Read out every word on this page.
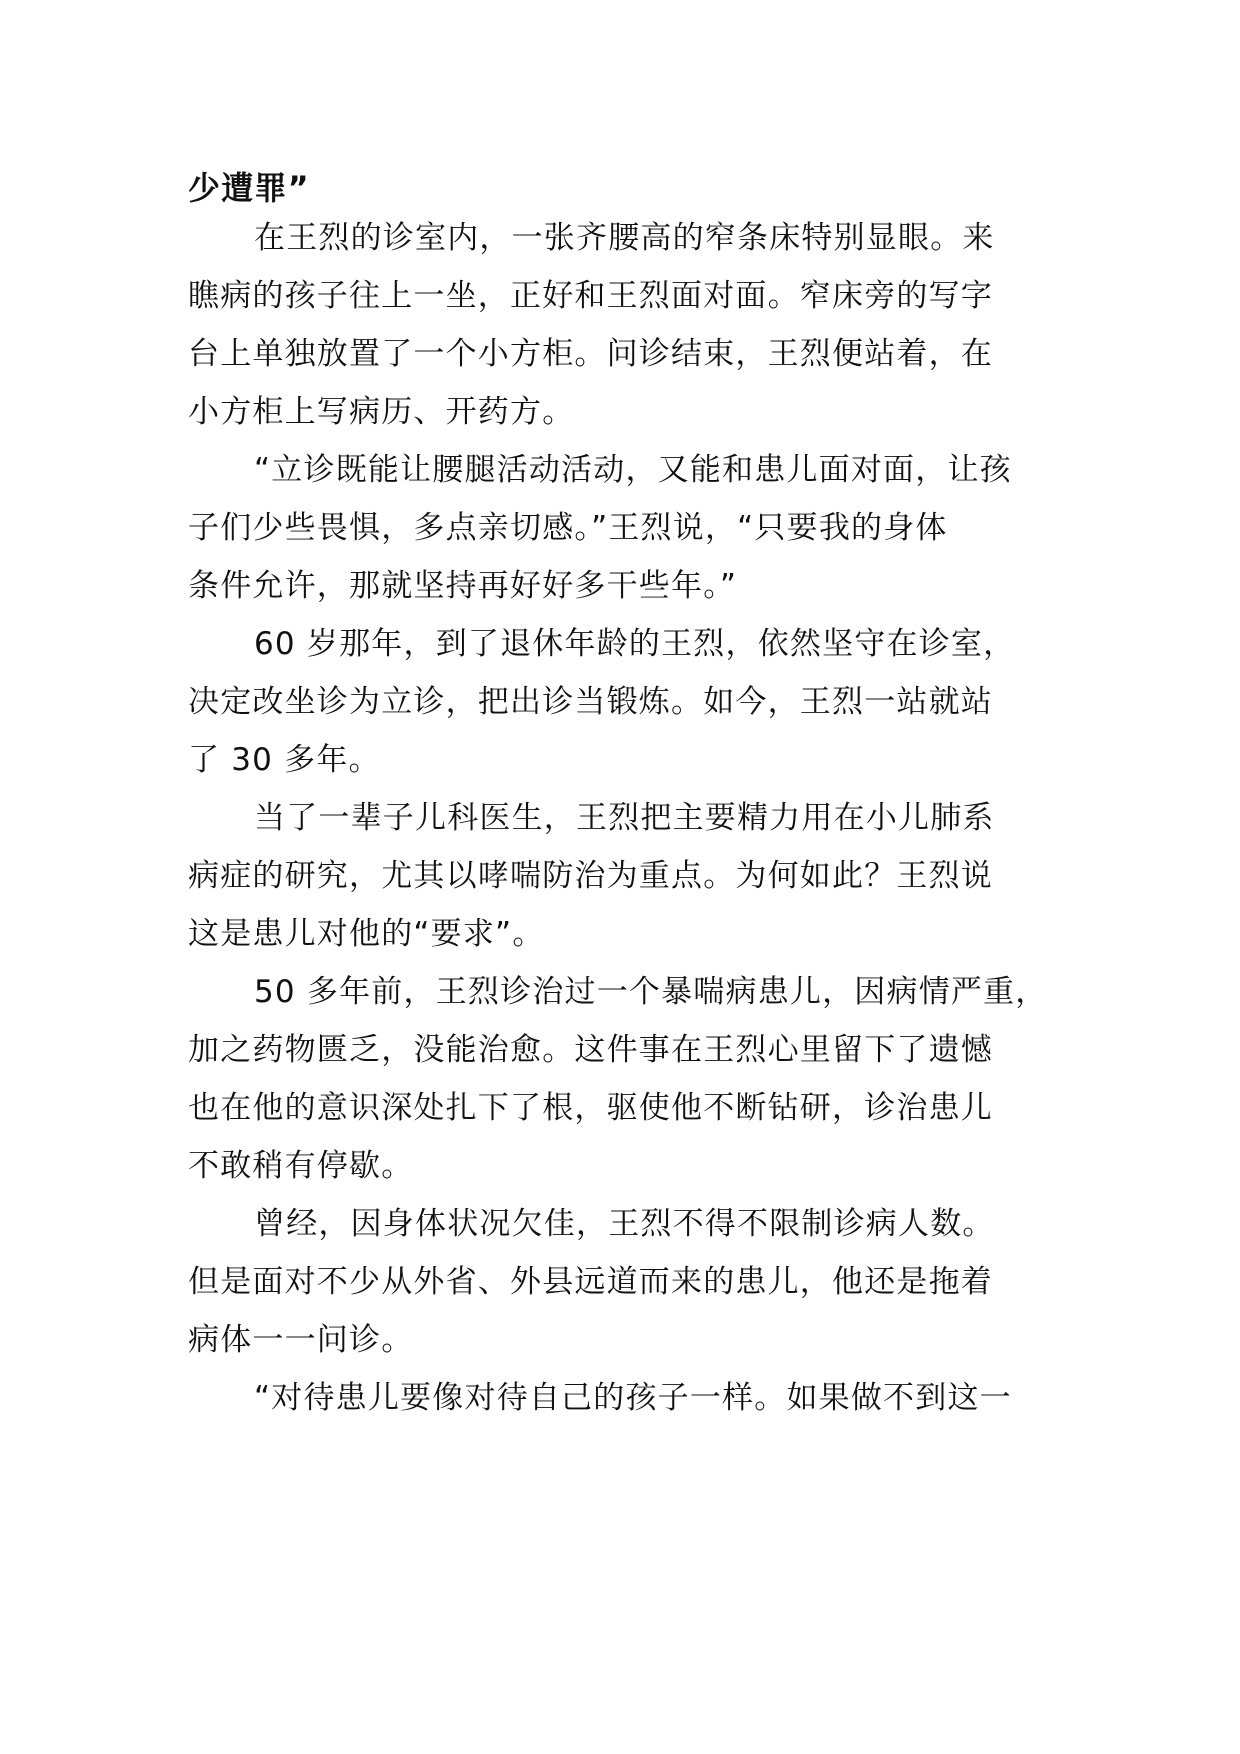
少遭罪”
在王烈的诊室内，一张齐腰高的窄条床特别显眼。来
瞧病的孩子往上一坐，正好和王烈面对面。窄床旁的写字
台上单独放置了一个小方柜。问诊结束，王烈便站着，在
小方柜上写病历、开药方。
“立诊既能让腰腿活动活动，又能和患儿面对面，让孩
子们少些畏惧，多点亲切感。”王烈说，“只要我的身体
条件允许，那就坚持再好好多干些年。”
60 岁那年，到了退休年龄的王烈，依然坚守在诊室，
决定改坐诊为立诊，把出诊当锻炼。如今，王烈一站就站
了 30 多年。
当了一辈子儿科医生，王烈把主要精力用在小儿肺系
病症的研究，尤其以哮喘防治为重点。为何如此？王烈说
这是患儿对他的“要求”。
50 多年前，王烈诊治过一个暴喘病患儿，因病情严重，
加之药物匮乏，没能治愈。这件事在王烈心里留下了遗憾
也在他的意识深处扎下了根，驱使他不断钻研，诊治患儿
不敢稍有停歇。
曾经，因身体状况欠佳，王烈不得不限制诊病人数。
但是面对不少从外省、外县远道而来的患儿，他还是拖着
病体一一问诊。
“对待患儿要像对待自己的孩子一样。如果做不到这一
